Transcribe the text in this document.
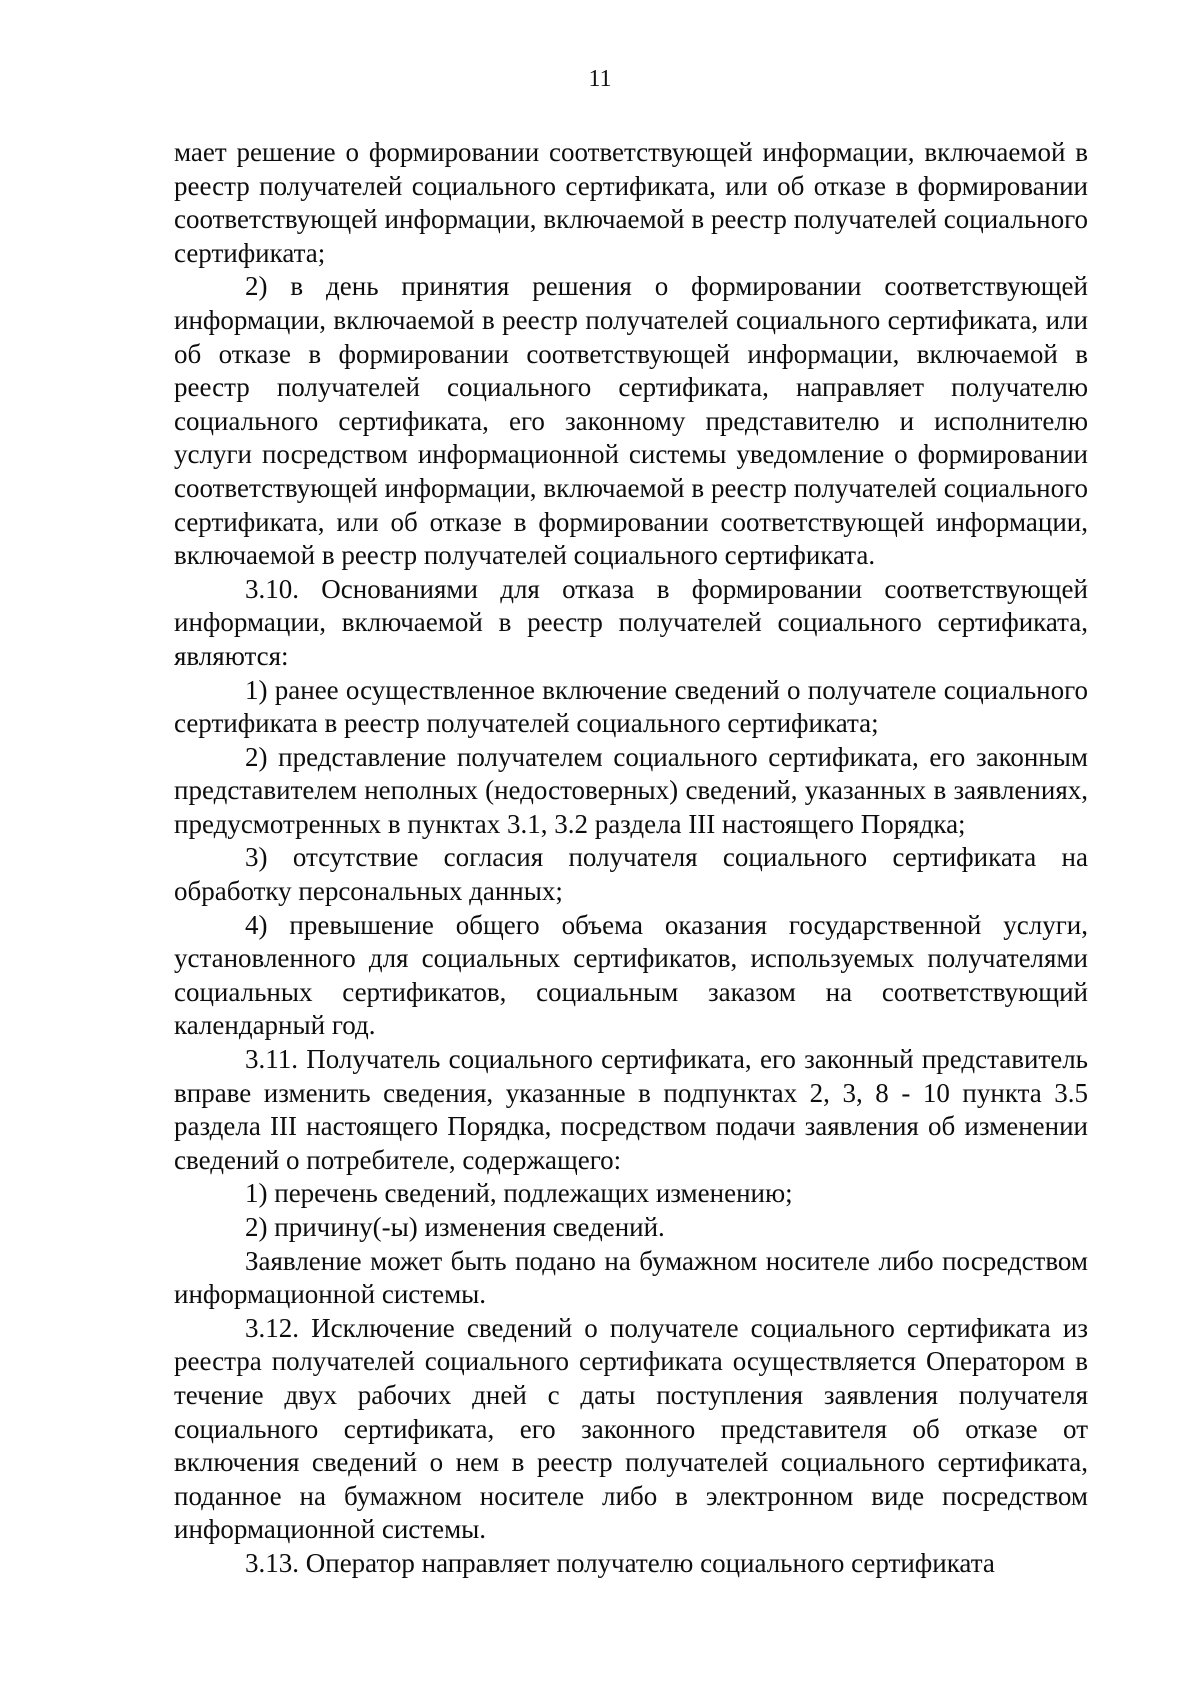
11

мает решение о формировании соответствующей информации, включаемой в реестр получателей социального сертификата, или об отказе в формировании соответствующей информации, включаемой в реестр получателей социального сертификата;

2) в день принятия решения о формировании соответствующей информации, включаемой в реестр получателей социального сертификата, или об отказе в формировании соответствующей информации, включаемой в реестр получателей социального сертификата, направляет получателю социального сертификата, его законному представителю и исполнителю услуги посредством информационной системы уведомление о формировании соответствующей информации, включаемой в реестр получателей социального сертификата, или об отказе в формировании соответствующей информации, включаемой в реестр получателей социального сертификата.

3.10. Основаниями для отказа в формировании соответствующей информации, включаемой в реестр получателей социального сертификата, являются:

1) ранее осуществленное включение сведений о получателе социального сертификата в реестр получателей социального сертификата;

2) представление получателем социального сертификата, его законным представителем неполных (недостоверных) сведений, указанных в заявлениях, предусмотренных в пунктах 3.1, 3.2 раздела III настоящего Порядка;

3) отсутствие согласия получателя социального сертификата на обработку персональных данных;

4) превышение общего объема оказания государственной услуги, установленного для социальных сертификатов, используемых получателями социальных сертификатов, социальным заказом на соответствующий календарный год.

3.11. Получатель социального сертификата, его законный представитель вправе изменить сведения, указанные в подпунктах 2, 3, 8 - 10 пункта 3.5 раздела III настоящего Порядка, посредством подачи заявления об изменении сведений о потребителе, содержащего:

1) перечень сведений, подлежащих изменению;

2) причину(-ы) изменения сведений.

Заявление может быть подано на бумажном носителе либо посредством информационной системы.

3.12. Исключение сведений о получателе социального сертификата из реестра получателей социального сертификата осуществляется Оператором в течение двух рабочих дней с даты поступления заявления получателя социального сертификата, его законного представителя об отказе от включения сведений о нем в реестр получателей социального сертификата, поданное на бумажном носителе либо в электронном виде посредством информационной системы.

3.13. Оператор направляет получателю социального сертификата
